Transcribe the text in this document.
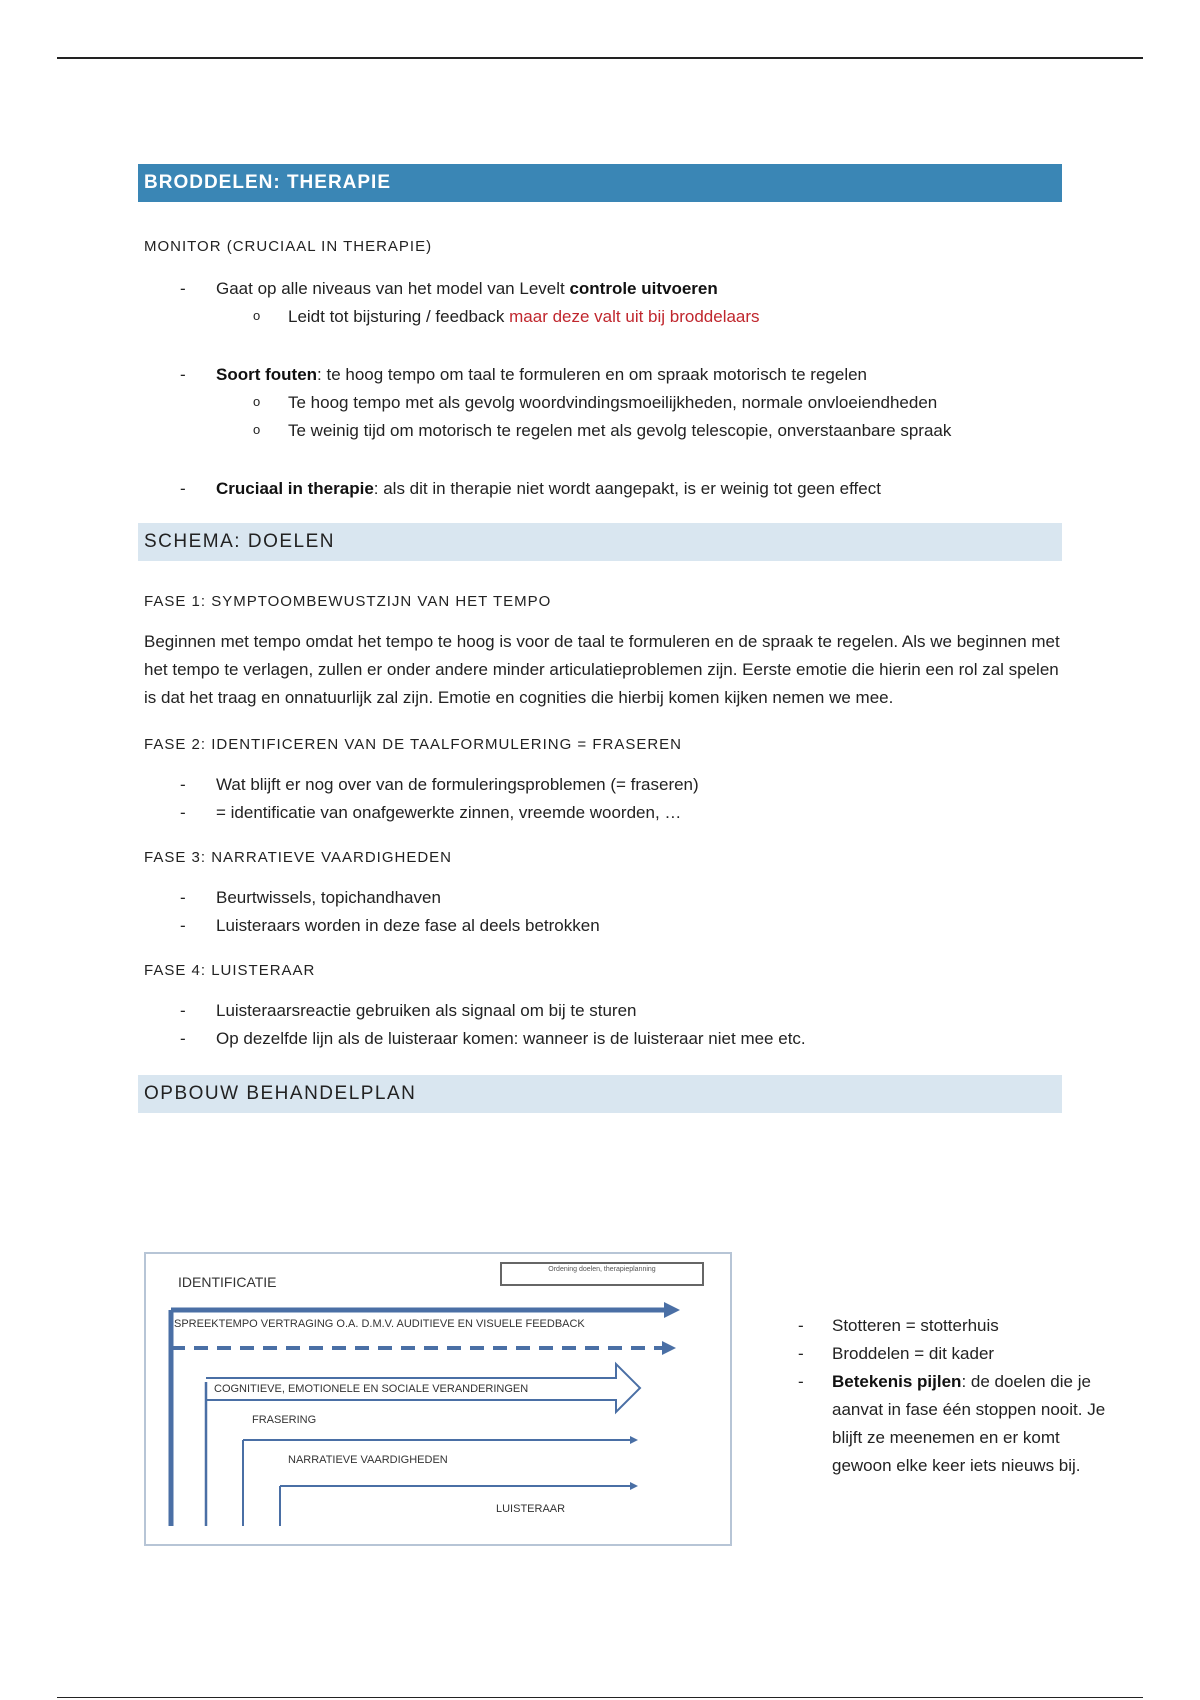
BRODDELEN: THERAPIE

MONITOR (CRUCIAAL IN THERAPIE)

- Gaat op alle niveaus van het model van Levelt controle uitvoeren
o Leidt tot bijsturing / feedback maar deze valt uit bij broddelaars
- Soort fouten: te hoog tempo om taal te formuleren en om spraak motorisch te regelen
o Te hoog tempo met als gevolg woordvindingsmoeilijkheden, normale onvloeiendheden
o Te weinig tijd om motorisch te regelen met als gevolg telescopie, onverstaanbare spraak
- Cruciaal in therapie: als dit in therapie niet wordt aangepakt, is er weinig tot geen effect
SCHEMA: DOELEN

FASE 1: SYMPTOOMBEWUSTZIJN VAN HET TEMPO

Beginnen met tempo omdat het tempo te hoog is voor de taal te formuleren en de spraak te regelen. Als we beginnen met het tempo te verlagen, zullen er onder andere minder articulatieproblemen zijn. Eerste emotie die hierin een rol zal spelen is dat het traag en onnatuurlijk zal zijn. Emotie en cognities die hierbij komen kijken nemen we mee.

FASE 2: IDENTIFICEREN VAN DE TAALFORMULERING = FRASEREN

- Wat blijft er nog over van de formuleringsproblemen (= fraseren)
- = identificatie van onafgewerkte zinnen, vreemde woorden, …

FASE 3: NARRATIEVE VAARDIGHEDEN

- Beurtwissels, topichandhaven
- Luisteraars worden in deze fase al deels betrokken

FASE 4: LUISTERAAR

- Luisteraarsreactie gebruiken als signaal om bij te sturen
- Op dezelfde lijn als de luisteraar komen: wanneer is de luisteraar niet mee etc.
OPBOUW BEHANDELPLAN
Ordening doelen, therapieplanning
IDENTIFICATIE
SPREEKTEMPO VERTRAGING O.A. D.M.V. AUDITIEVE EN VISUELE FEEDBACK
COGNITIEVE, EMOTIONELE EN SOCIALE VERANDERINGEN
FRASERING
NARRATIEVE VAARDIGHEDEN
LUISTERAAR
- Stotteren = stotterhuis
- Broddelen = dit kader
- Betekenis pijlen: de doelen die je aanvat in fase één stoppen nooit. Je blijft ze meenemen en er komt gewoon elke keer iets nieuws bij.
